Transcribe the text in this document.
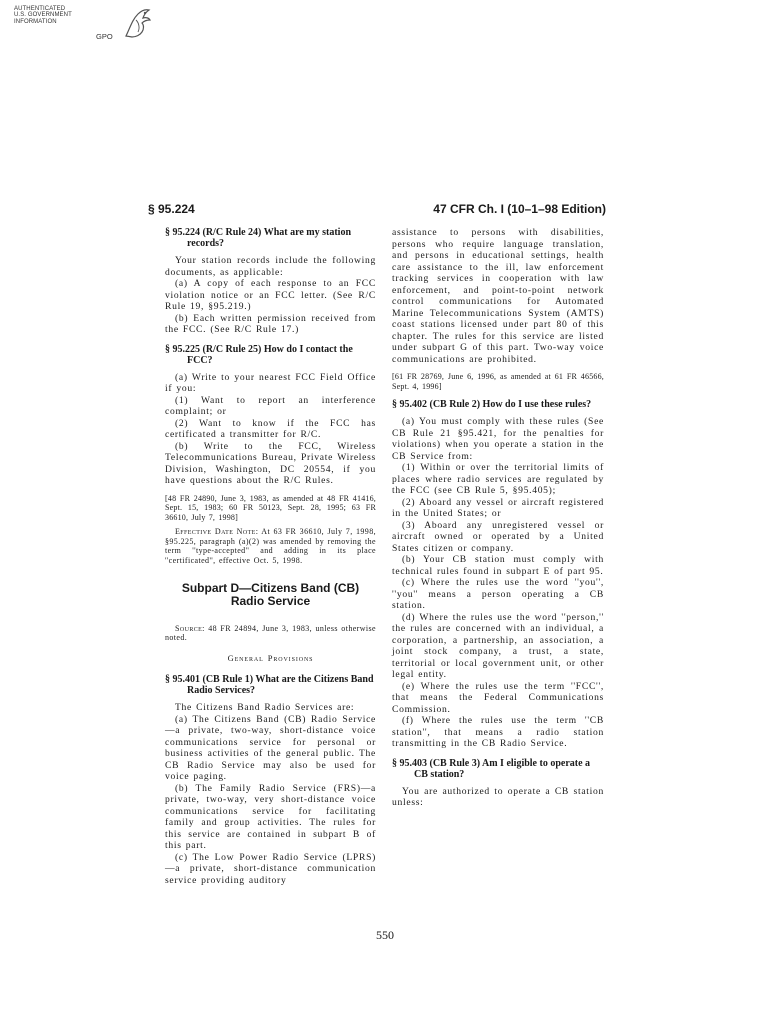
AUTHENTICATED
U.S. GOVERNMENT
INFORMATION
GPO
§ 95.224	47 CFR Ch. I (10–1–98 Edition)
§ 95.224 (R/C Rule 24) What are my station records?

Your station records include the following documents, as applicable:

(a) A copy of each response to an FCC violation notice or an FCC letter. (See R/C Rule 19, §95.219.)

(b) Each written permission received from the FCC. (See R/C Rule 17.)

§ 95.225 (R/C Rule 25) How do I contact the FCC?

(a) Write to your nearest FCC Field Office if you:

(1) Want to report an interference complaint; or

(2) Want to know if the FCC has certificated a transmitter for R/C.

(b) Write to the FCC, Wireless Telecommunications Bureau, Private Wireless Division, Washington, DC 20554, if you have questions about the R/C Rules.

[48 FR 24890, June 3, 1983, as amended at 48 FR 41416, Sept. 15, 1983; 60 FR 50123, Sept. 28, 1995; 63 FR 36610, July 7, 1998]

Effective Date Note: At 63 FR 36610, July 7, 1998, §95.225, paragraph (a)(2) was amended by removing the term ''type-accepted'' and adding in its place ''certificated'', effective Oct. 5, 1998.

Subpart D—Citizens Band (CB) Radio Service

Source: 48 FR 24894, June 3, 1983, unless otherwise noted.

General Provisions

§ 95.401 (CB Rule 1) What are the Citizens Band Radio Services?

The Citizens Band Radio Services are:

(a) The Citizens Band (CB) Radio Service—a private, two-way, short-distance voice communications service for personal or business activities of the general public. The CB Radio Service may also be used for voice paging.

(b) The Family Radio Service (FRS)—a private, two-way, very short-distance voice communications service for facilitating family and group activities. The rules for this service are contained in subpart B of this part.

(c) The Low Power Radio Service (LPRS)—a private, short-distance communication service providing auditory

assistance to persons with disabilities, persons who require language translation, and persons in educational settings, health care assistance to the ill, law enforcement tracking services in cooperation with law enforcement, and point-to-point network control communications for Automated Marine Telecommunications System (AMTS) coast stations licensed under part 80 of this chapter. The rules for this service are listed under subpart G of this part. Two-way voice communications are prohibited.

[61 FR 28769, June 6, 1996, as amended at 61 FR 46566, Sept. 4, 1996]

§ 95.402 (CB Rule 2) How do I use these rules?

(a) You must comply with these rules (See CB Rule 21 §95.421, for the penalties for violations) when you operate a station in the CB Service from:

(1) Within or over the territorial limits of places where radio services are regulated by the FCC (see CB Rule 5, §95.405);

(2) Aboard any vessel or aircraft registered in the United States; or

(3) Aboard any unregistered vessel or aircraft owned or operated by a United States citizen or company.

(b) Your CB station must comply with technical rules found in subpart E of part 95.

(c) Where the rules use the word ''you'', ''you'' means a person operating a CB station.

(d) Where the rules use the word ''person,'' the rules are concerned with an individual, a corporation, a partnership, an association, a joint stock company, a trust, a state, territorial or local government unit, or other legal entity.

(e) Where the rules use the term ''FCC'', that means the Federal Communications Commission.

(f) Where the rules use the term ''CB station'', that means a radio station transmitting in the CB Radio Service.

§ 95.403 (CB Rule 3) Am I eligible to operate a CB station?

You are authorized to operate a CB station unless:

550
